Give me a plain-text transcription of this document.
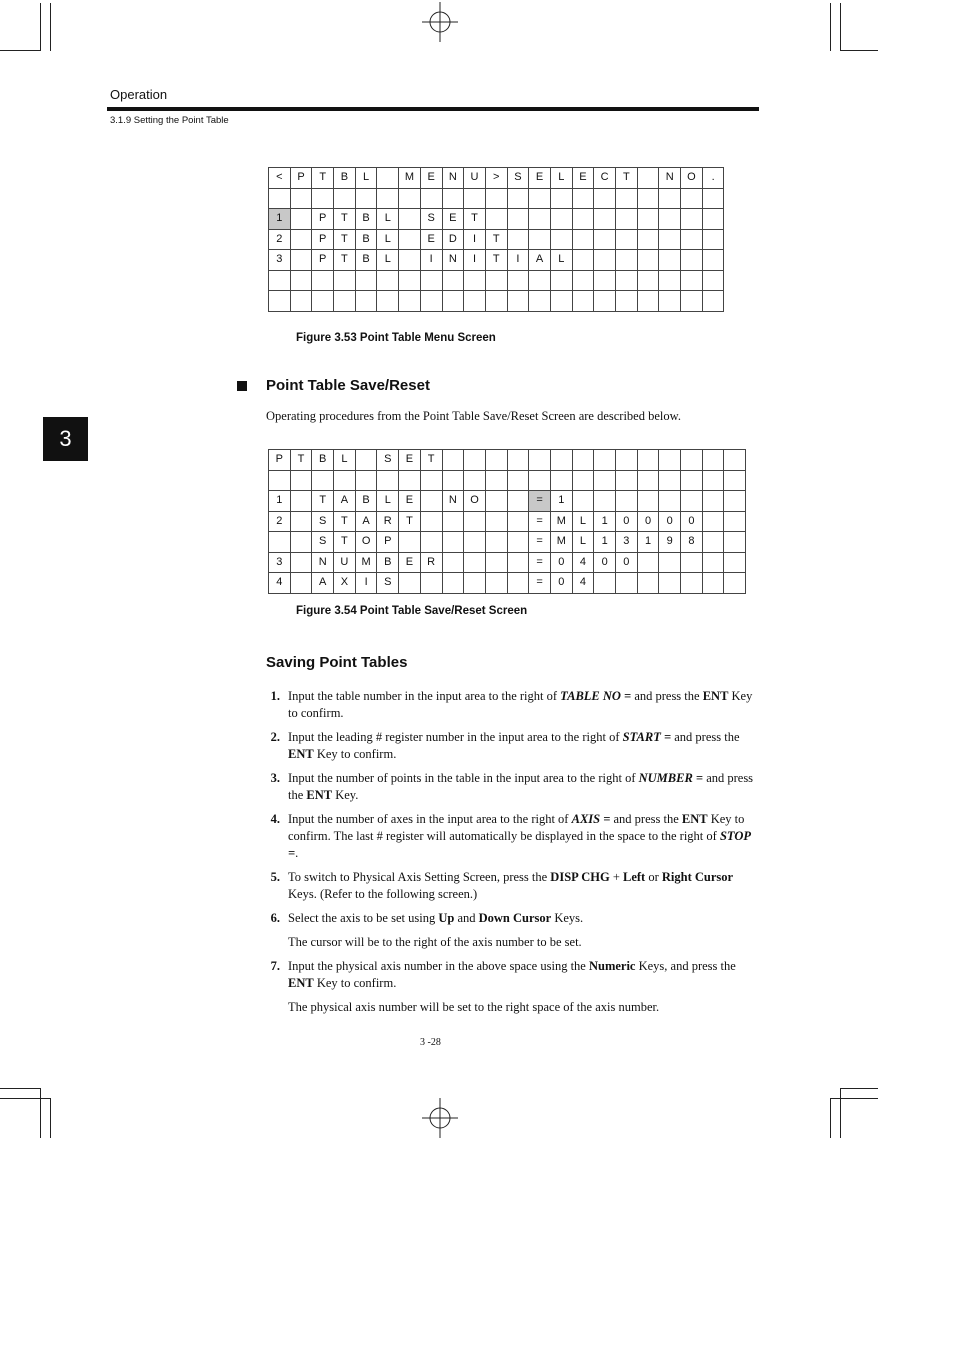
Operation
3.1.9 Setting the Point Table
3
<	P	T	B	L		M	E	N	U	>	S	E	L	E	C	T		N	O	.

1		P	T	B	L		S	E	T											
2		P	T	B	L		E	D	I	T										
3		P	T	B	L		I	N	I	T	I	A	L							

Figure 3.53 Point Table Menu Screen
Point Table Save/Reset
Operating procedures from the Point Table Save/Reset Screen are described below.
P	T	B	L		S	E	T														

1		T	A	B	L	E		N	O			=	1								
2		S	T	A	R	T						=	M	L	1	0	0	0	0		
		S	T	O	P							=	M	L	1	3	1	9	8		
3		N	U	M	B	E	R					=	0	4	0	0					
4		A	X	I	S							=	0	4							
Figure 3.54 Point Table Save/Reset Screen
Saving Point Tables
1. Input the table number in the input area to the right of TABLE NO = and press the ENT Key to confirm.
2. Input the leading # register number in the input area to the right of START = and press the ENT Key to confirm.
3. Input the number of points in the table in the input area to the right of NUMBER = and press the ENT Key.
4. Input the number of axes in the input area to the right of AXIS = and press the ENT Key to confirm. The last # register will automatically be displayed in the space to the right of STOP =.
5. To switch to Physical Axis Setting Screen, press the DISP CHG + Left or Right Cursor Keys. (Refer to the following screen.)
6. Select the axis to be set using Up and Down Cursor Keys.
The cursor will be to the right of the axis number to be set.
7. Input the physical axis number in the above space using the Numeric Keys, and press the ENT Key to confirm.
The physical axis number will be set to the right space of the axis number.
3 -28
